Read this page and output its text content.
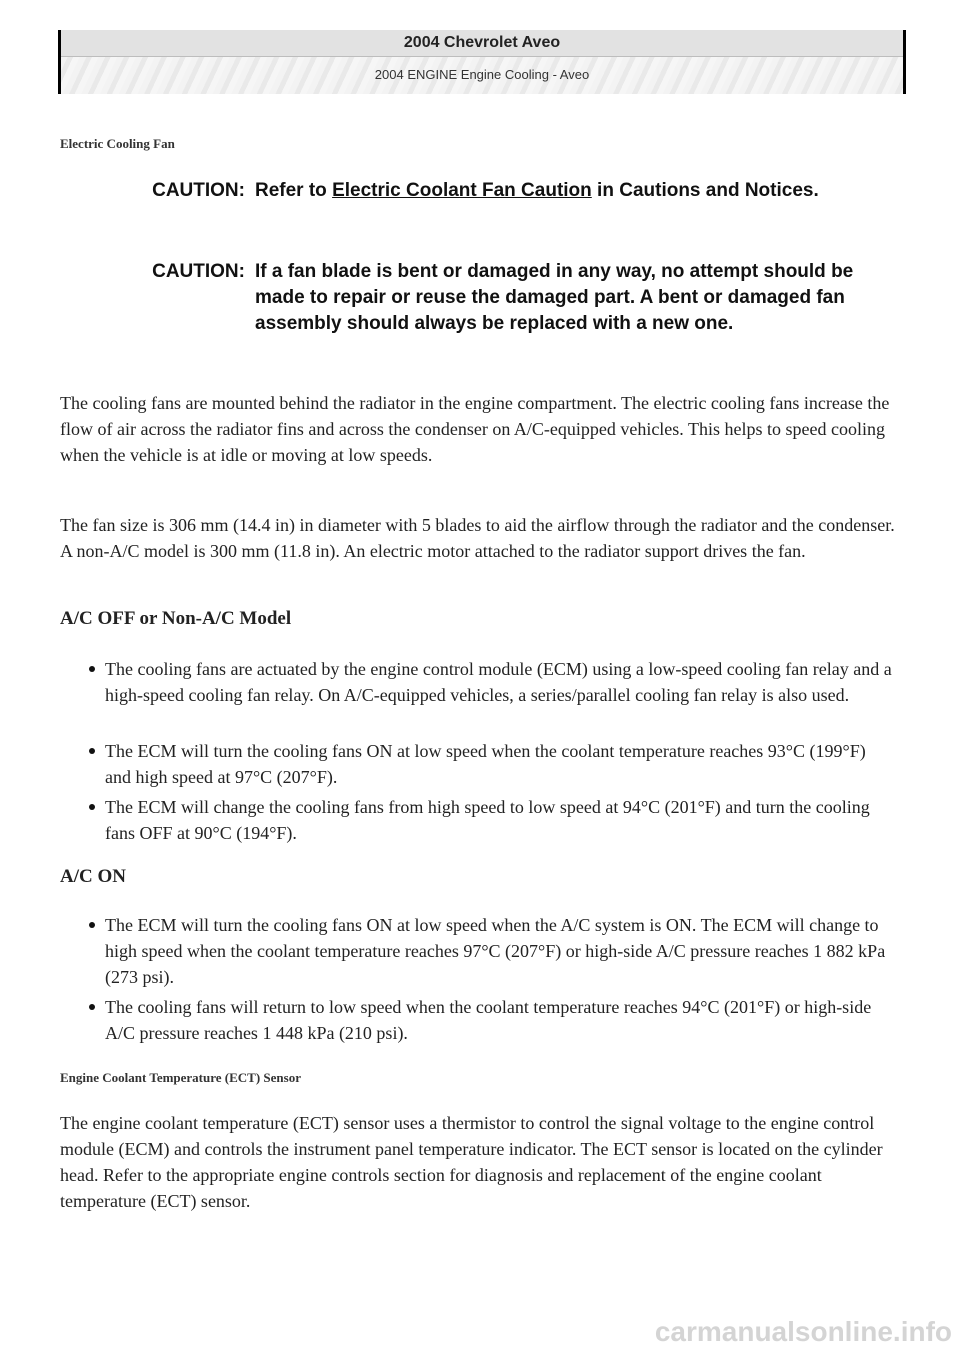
2004 Chevrolet Aveo
2004 ENGINE Engine Cooling - Aveo
Electric Cooling Fan
CAUTION: Refer to Electric Coolant Fan Caution in Cautions and Notices.
CAUTION: If a fan blade is bent or damaged in any way, no attempt should be made to repair or reuse the damaged part. A bent or damaged fan assembly should always be replaced with a new one.

The cooling fans are mounted behind the radiator in the engine compartment. The electric cooling fans increase the flow of air across the radiator fins and across the condenser on A/C-equipped vehicles. This helps to speed cooling when the vehicle is at idle or moving at low speeds.

The fan size is 306 mm (14.4 in) in diameter with 5 blades to aid the airflow through the radiator and the condenser. A non-A/C model is 300 mm (11.8 in). An electric motor attached to the radiator support drives the fan.

A/C OFF or Non-A/C Model

The cooling fans are actuated by the engine control module (ECM) using a low-speed cooling fan relay and a high-speed cooling fan relay. On A/C-equipped vehicles, a series/parallel cooling fan relay is also used.

The ECM will turn the cooling fans ON at low speed when the coolant temperature reaches 93°C (199°F) and high speed at 97°C (207°F).

The ECM will change the cooling fans from high speed to low speed at 94°C (201°F) and turn the cooling fans OFF at 90°C (194°F).

A/C ON

The ECM will turn the cooling fans ON at low speed when the A/C system is ON. The ECM will change to high speed when the coolant temperature reaches 97°C (207°F) or high-side A/C pressure reaches 1 882 kPa (273 psi).

The cooling fans will return to low speed when the coolant temperature reaches 94°C (201°F) or high-side A/C pressure reaches 1 448 kPa (210 psi).

Engine Coolant Temperature (ECT) Sensor

The engine coolant temperature (ECT) sensor uses a thermistor to control the signal voltage to the engine control module (ECM) and controls the instrument panel temperature indicator. The ECT sensor is located on the cylinder head. Refer to the appropriate engine controls section for diagnosis and replacement of the engine coolant temperature (ECT) sensor.

carmanualsonline.info
